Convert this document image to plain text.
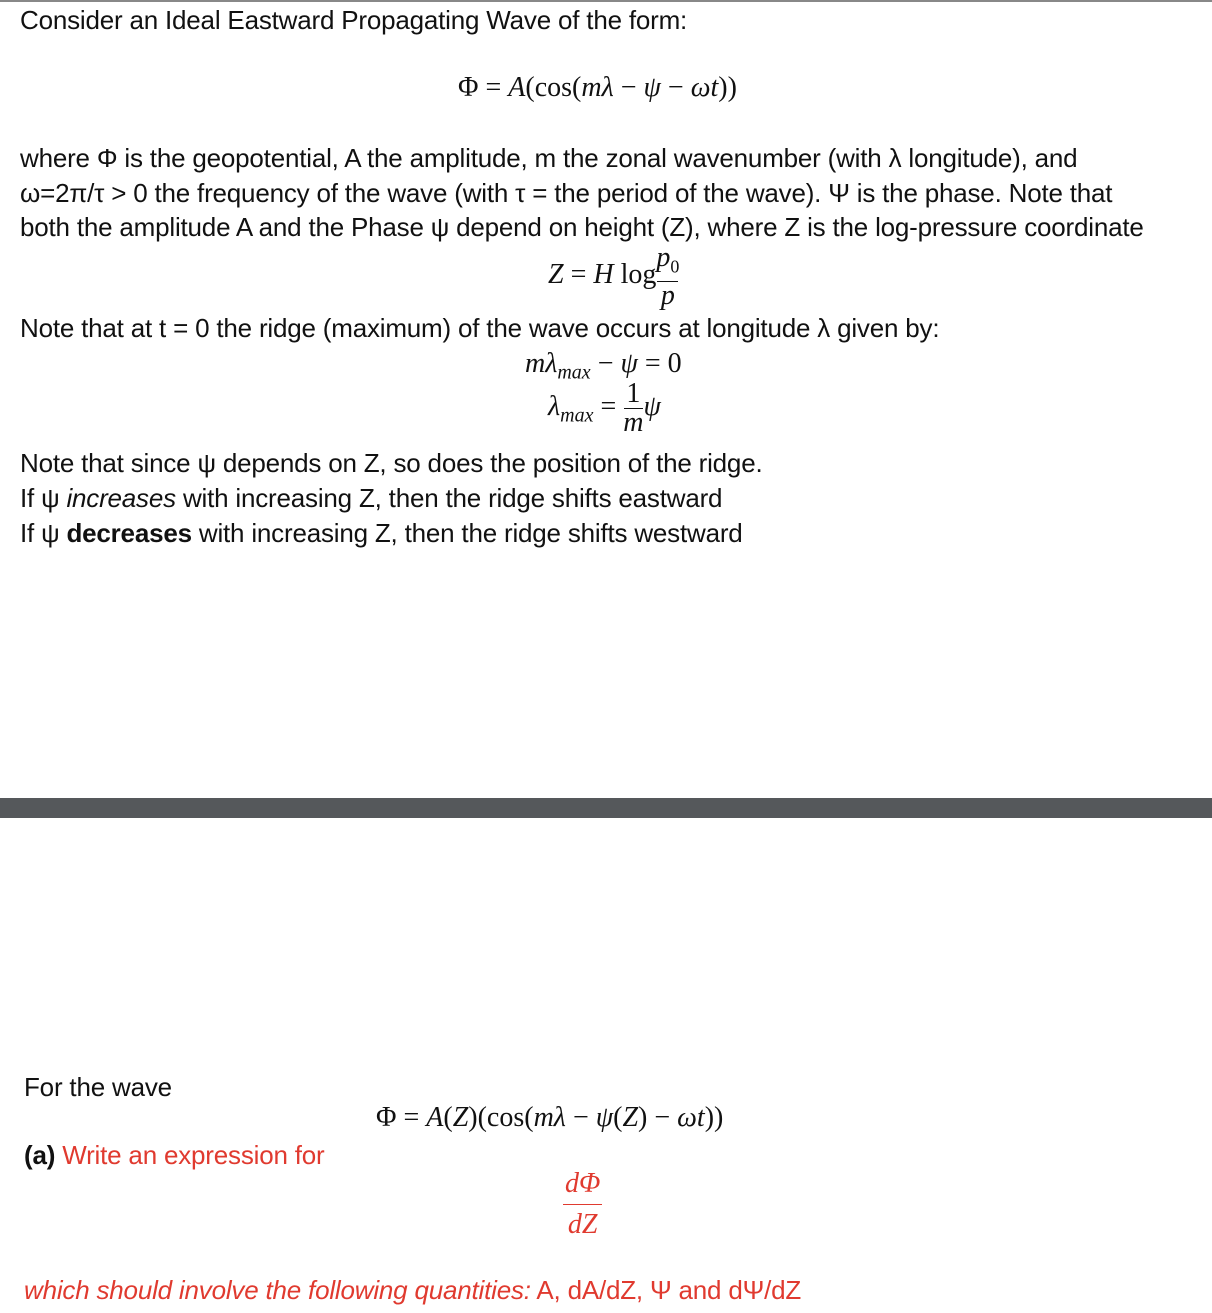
Consider an Ideal Eastward Propagating Wave of the form:
Φ = A(cos(mλ − ψ − ωt))
where Φ is the geopotential, A the amplitude, m the zonal wavenumber (with λ longitude), and
ω=2π/τ > 0 the frequency of the wave (with τ = the period of the wave). Ψ is the phase. Note that
both the amplitude A and the Phase ψ depend on height (Z), where Z is the log-pressure coordinate
Z = H $\log \frac{p_0}{p}$
Note that at t = 0 the ridge (maximum) of the wave occurs at longitude λ given by:
$m\lambda_{max} - \psi = 0$
$\lambda_{max} = \frac{1}{m}$ ψ
Note that since ψ depends on Z, so does the position of the ridge.
If ψ increases with increasing Z, then the ridge shifts eastward
If ψ decreases with increasing Z, then the ridge shifts westward
For the wave
Φ = A(Z)(cos(mλ − ψ(Z) − ωt))
(a) Write an expression for
$\frac{d\Phi}{dZ}$
which should involve the following quantities: A, dA/dZ, Ψ and dΨ/dZ
